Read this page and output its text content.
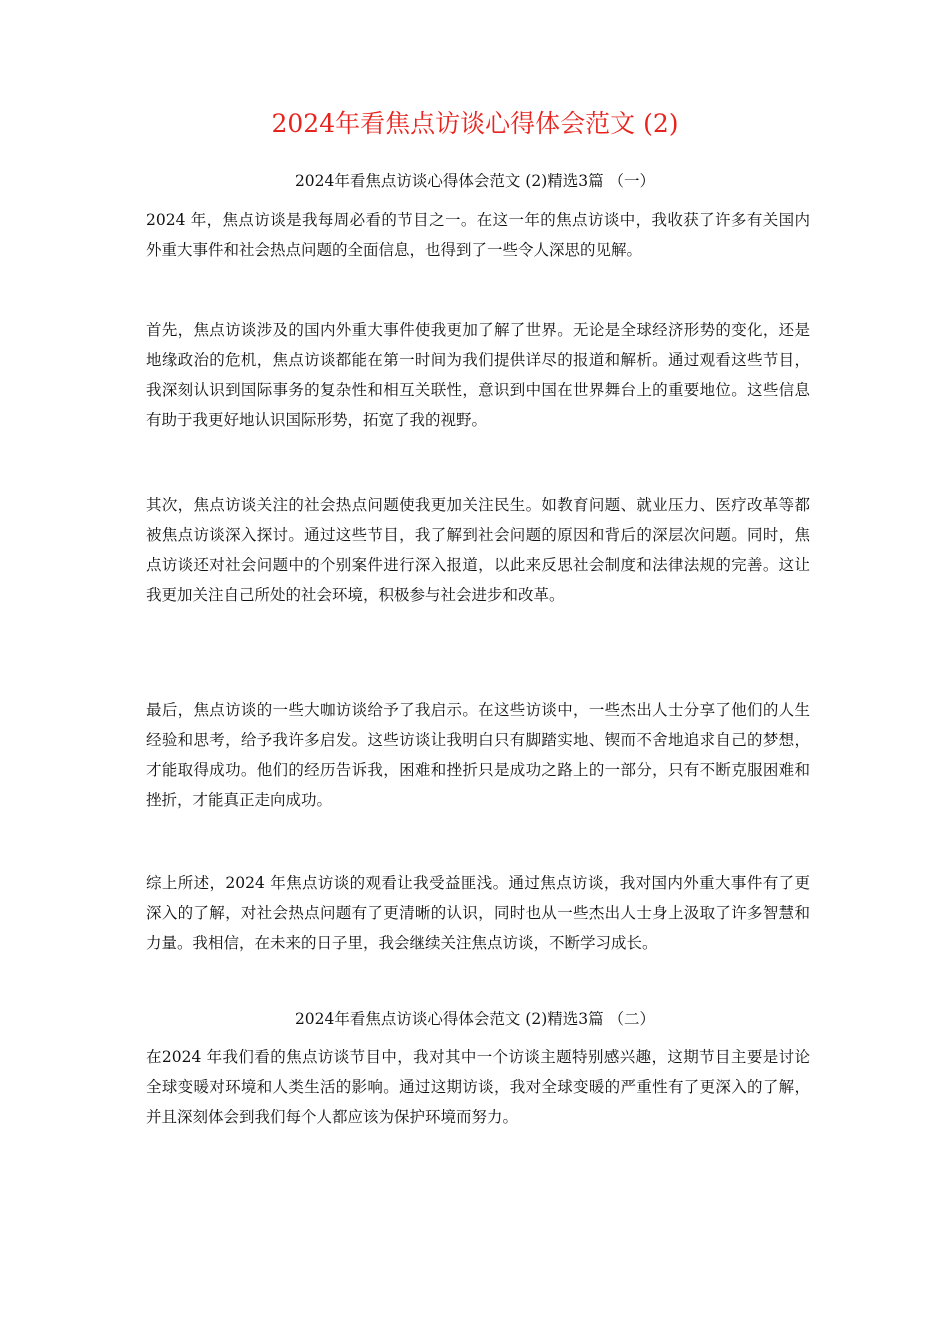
2024年看焦点访谈心得体会范文 (2)
2024年看焦点访谈心得体会范文 (2)精选3篇 （一）

2024 年，焦点访谈是我每周必看的节目之一。在这一年的焦点访谈中，我收获了许多有关国内外重大事件和社会热点问题的全面信息，也得到了一些令人深思的见解。

首先，焦点访谈涉及的国内外重大事件使我更加了解了世界。无论是全球经济形势的变化，还是地缘政治的危机，焦点访谈都能在第一时间为我们提供详尽的报道和解析。通过观看这些节目，我深刻认识到国际事务的复杂性和相互关联性，意识到中国在世界舞台上的重要地位。这些信息有助于我更好地认识国际形势，拓宽了我的视野。

其次，焦点访谈关注的社会热点问题使我更加关注民生。如教育问题、就业压力、医疗改革等都被焦点访谈深入探讨。通过这些节目，我了解到社会问题的原因和背后的深层次问题。同时，焦点访谈还对社会问题中的个别案件进行深入报道，以此来反思社会制度和法律法规的完善。这让我更加关注自己所处的社会环境，积极参与社会进步和改革。

最后，焦点访谈的一些大咖访谈给予了我启示。在这些访谈中，一些杰出人士分享了他们的人生经验和思考，给予我许多启发。这些访谈让我明白只有脚踏实地、锲而不舍地追求自己的梦想，才能取得成功。他们的经历告诉我，困难和挫折只是成功之路上的一部分，只有不断克服困难和挫折，才能真正走向成功。

综上所述，2024 年焦点访谈的观看让我受益匪浅。通过焦点访谈，我对国内外重大事件有了更深入的了解，对社会热点问题有了更清晰的认识，同时也从一些杰出人士身上汲取了许多智慧和力量。我相信，在未来的日子里，我会继续关注焦点访谈，不断学习成长。

2024年看焦点访谈心得体会范文 (2)精选3篇 （二）

在2024 年我们看的焦点访谈节目中，我对其中一个访谈主题特别感兴趣，这期节目主要是讨论全球变暖对环境和人类生活的影响。通过这期访谈，我对全球变暖的严重性有了更深入的了解，并且深刻体会到我们每个人都应该为保护环境而努力。
